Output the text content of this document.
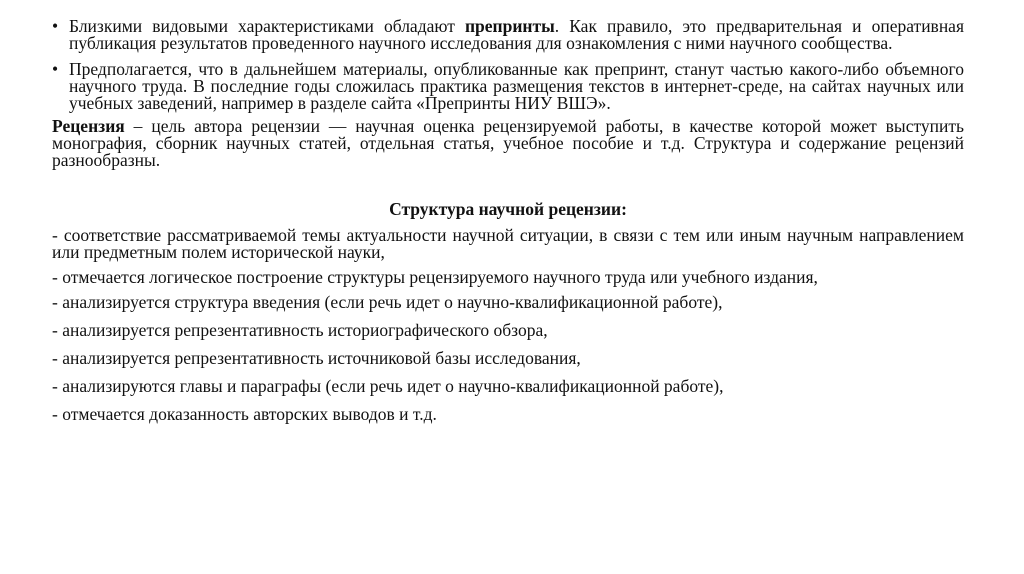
• Близкими видовыми характеристиками обладают препринты. Как правило, это предварительная и оперативная публикация результатов проведенного научного исследования для ознакомления с ними научного сообщества.

• Предполагается, что в дальнейшем материалы, опубликованные как препринт, станут частью какого-либо объемного научного труда. В последние годы сложилась практика размещения текстов в интернет-среде, на сайтах научных или учебных заведений, например в разделе сайта «Препринты НИУ ВШЭ».

Рецензия – цель автора рецензии — научная оценка рецензируемой работы, в качестве которой может выступить монография, сборник научных статей, отдельная статья, учебное пособие и т.д. Структура и содержание рецензий разнообразны.

Структура научной рецензии:

- соответствие рассматриваемой темы актуальности научной ситуации, в связи с тем или иным научным направлением или предметным полем исторической науки,

- отмечается логическое построение структуры рецензируемого научного труда или учебного издания,

- анализируется структура введения (если речь идет о научно-квалификационной работе),

- анализируется репрезентативность историографического обзора,

- анализируется репрезентативность источниковой базы исследования,

- анализируются главы и параграфы (если речь идет о научно-квалификационной работе),

- отмечается доказанность авторских выводов и т.д.
